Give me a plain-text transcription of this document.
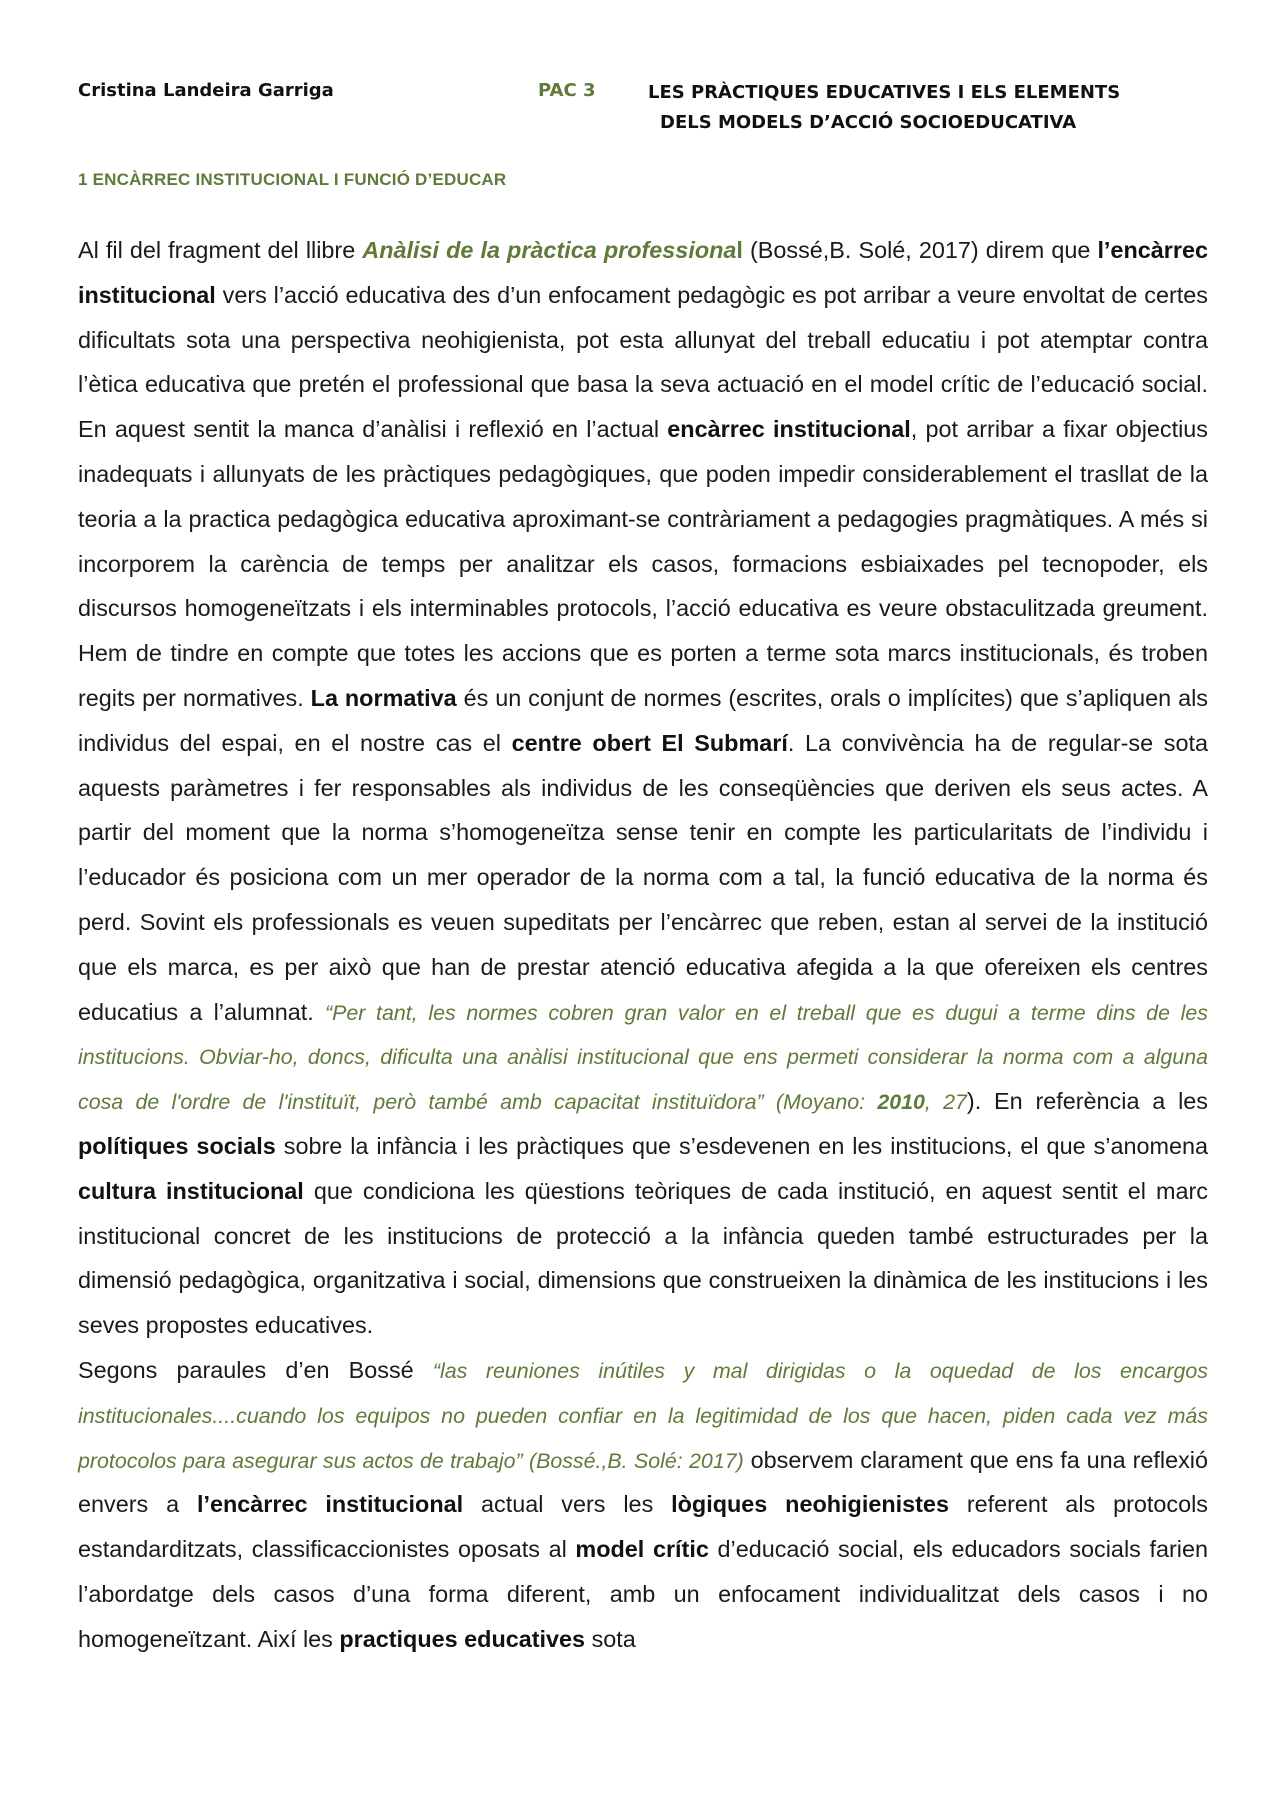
Cristina Landeira Garriga	PAC 3	LES PRÀCTIQUES EDUCATIVES I ELS ELEMENTS
DELS MODELS D’ACCIÓ SOCIOEDUCATIVA
1 ENCÀRREC INSTITUCIONAL I FUNCIÓ D’EDUCAR

Al fil del fragment del llibre Anàlisi de la pràctica professional (Bossé,B. Solé, 2017) direm que l’encàrrec institucional vers l’acció educativa des d’un enfocament pedagògic es pot arribar a veure envoltat de certes dificultats sota una perspectiva neohigienista, pot esta allunyat del treball educatiu i pot atemptar contra l’ètica educativa que pretén el professional que basa la seva actuació en el model crític de l’educació social. En aquest sentit la manca d’anàlisi i reflexió en l’actual encàrrec institucional, pot arribar a fixar objectius inadequats i allunyats de les pràctiques pedagògiques, que poden impedir considerablement el trasllat de la teoria a la practica pedagògica educativa aproximant-se contràriament a pedagogies pragmàtiques. A més si incorporem la carència de temps per analitzar els casos, formacions esbiaixades pel tecnopoder, els discursos homogeneïtzats i els interminables protocols, l’acció educativa es veure obstaculitzada greument. Hem de tindre en compte que totes les accions que es porten a terme sota marcs institucionals, és troben regits per normatives. La normativa és un conjunt de normes (escrites, orals o implícites) que s’apliquen als individus del espai, en el nostre cas el centre obert El Submarí. La convivència ha de regular-se sota aquests paràmetres i fer responsables als individus de les conseqüències que deriven els seus actes. A partir del moment que la norma s’homogeneïtza sense tenir en compte les particularitats de l’individu i l’educador és posiciona com un mer operador de la norma com a tal, la funció educativa de la norma és perd. Sovint els professionals es veuen supeditats per l’encàrrec que reben, estan al servei de la institució que els marca, es per això que han de prestar atenció educativa afegida a la que ofereixen els centres educatius a l’alumnat. “Per tant, les normes cobren gran valor en el treball que es dugui a terme dins de les institucions. Obviar-ho, doncs, dificulta una anàlisi institucional que ens permeti considerar la norma com a alguna cosa de l'ordre de l'instituït, però també amb capacitat instituïdora” (Moyano: 2010, 27). En referència a les polítiques socials sobre la infància i les pràctiques que s’esdevenen en les institucions, el que s’anomena cultura institucional que condiciona les qüestions teòriques de cada institució, en aquest sentit el marc institucional concret de les institucions de protecció a la infància queden també estructurades per la dimensió pedagògica, organitzativa i social, dimensions que construeixen la dinàmica de les institucions i les seves propostes educatives.

Segons paraules d’en Bossé “las reuniones inútiles y mal dirigidas o la oquedad de los encargos institucionales....cuando los equipos no pueden confiar en la legitimidad de los que hacen, piden cada vez más protocolos para asegurar sus actos de trabajo” (Bossé.,B. Solé: 2017) observem clarament que ens fa una reflexió envers a l’encàrrec institucional actual vers les lògiques neohigienistes referent als protocols estandarditzats, classificaccionistes oposats al model crític d’educació social, els educadors socials farien l’abordatge dels casos d’una forma diferent, amb un enfocament individualitzat dels casos i no homogeneïtzant. Així les practiques educatives sota
